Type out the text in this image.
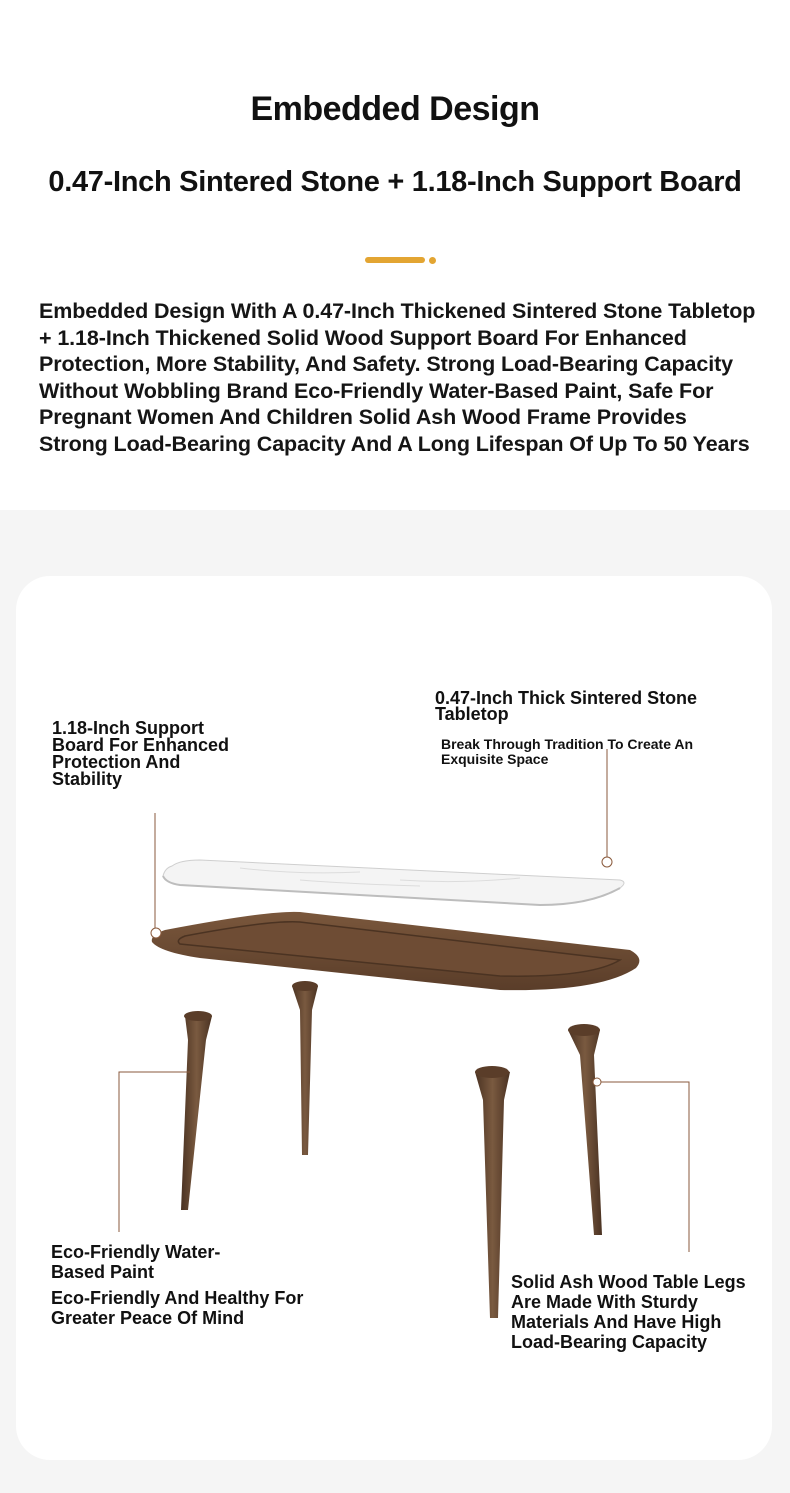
Embedded Design
0.47-Inch Sintered Stone + 1.18-Inch Support Board
Embedded Design With A 0.47-Inch Thickened Sintered Stone Tabletop + 1.18-Inch Thickened Solid Wood Support Board For Enhanced Protection, More Stability, And Safety. Strong Load-Bearing Capacity Without Wobbling Brand Eco-Friendly Water-Based Paint, Safe For Pregnant Women And Children Solid Ash Wood Frame Provides Strong Load-Bearing Capacity And A Long Lifespan Of Up To 50 Years
1.18-Inch Support Board For Enhanced Protection And Stability
0.47-Inch Thick Sintered Stone Tabletop
Break Through Tradition To Create An Exquisite Space
Eco-Friendly Water-Based Paint
Eco-Friendly And Healthy For Greater Peace Of Mind
Solid Ash Wood Table Legs Are Made With Sturdy Materials And Have High Load-Bearing Capacity
